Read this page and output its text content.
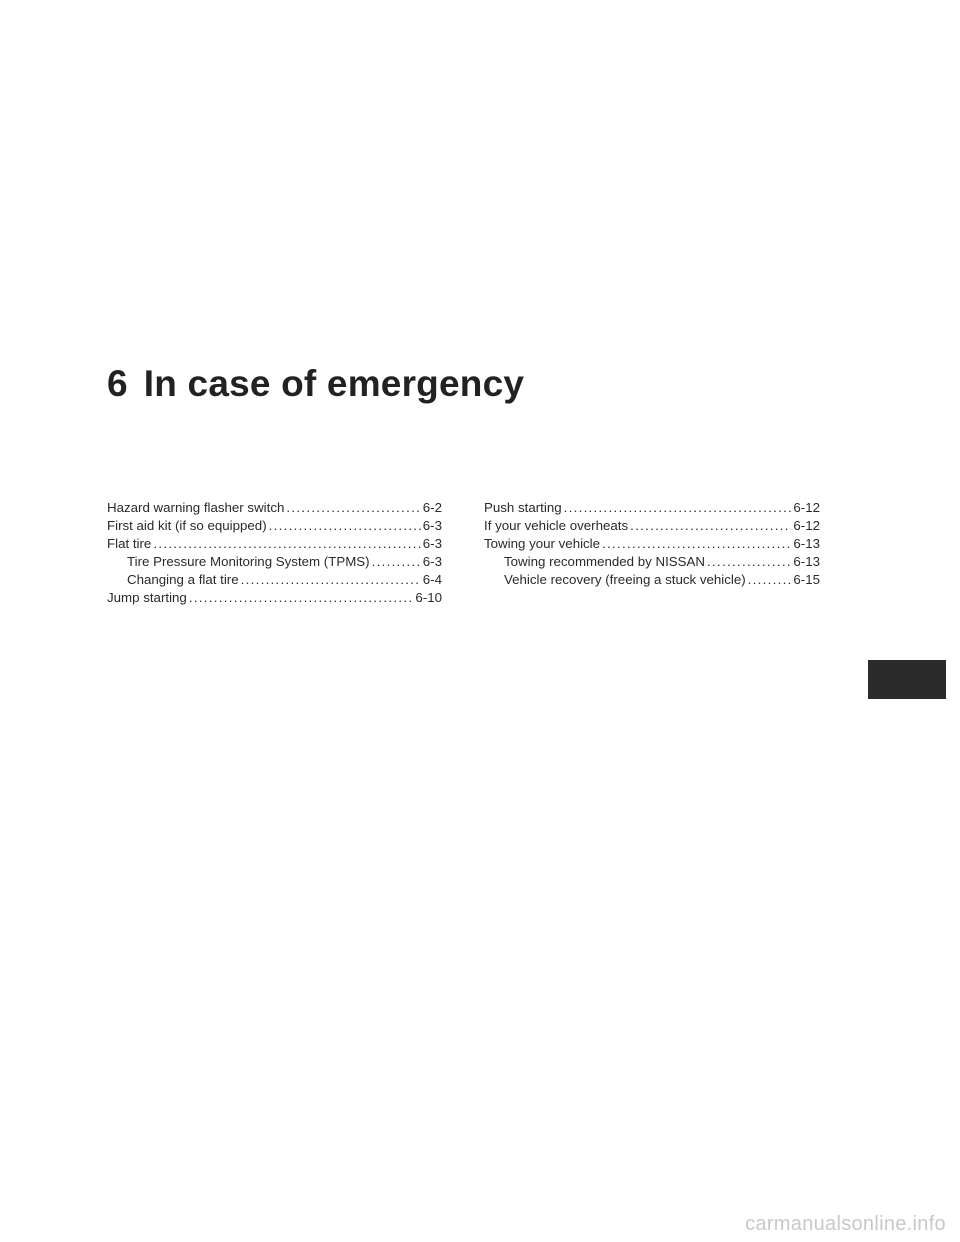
6 In case of emergency
Hazard warning flasher switch . . .	6-2
First aid kit (if so equipped) . . .	6-3
Flat tire . . .	6-3
Tire Pressure Monitoring System (TPMS) . . .	6-3
Changing a flat tire . . .	6-4
Jump starting . . .	6-10
Push starting . . .	6-12
If your vehicle overheats . . .	6-12
Towing your vehicle . . .	6-13
Towing recommended by NISSAN . . .	6-13
Vehicle recovery (freeing a stuck vehicle) . . .	6-15
carmanualsonline.info
